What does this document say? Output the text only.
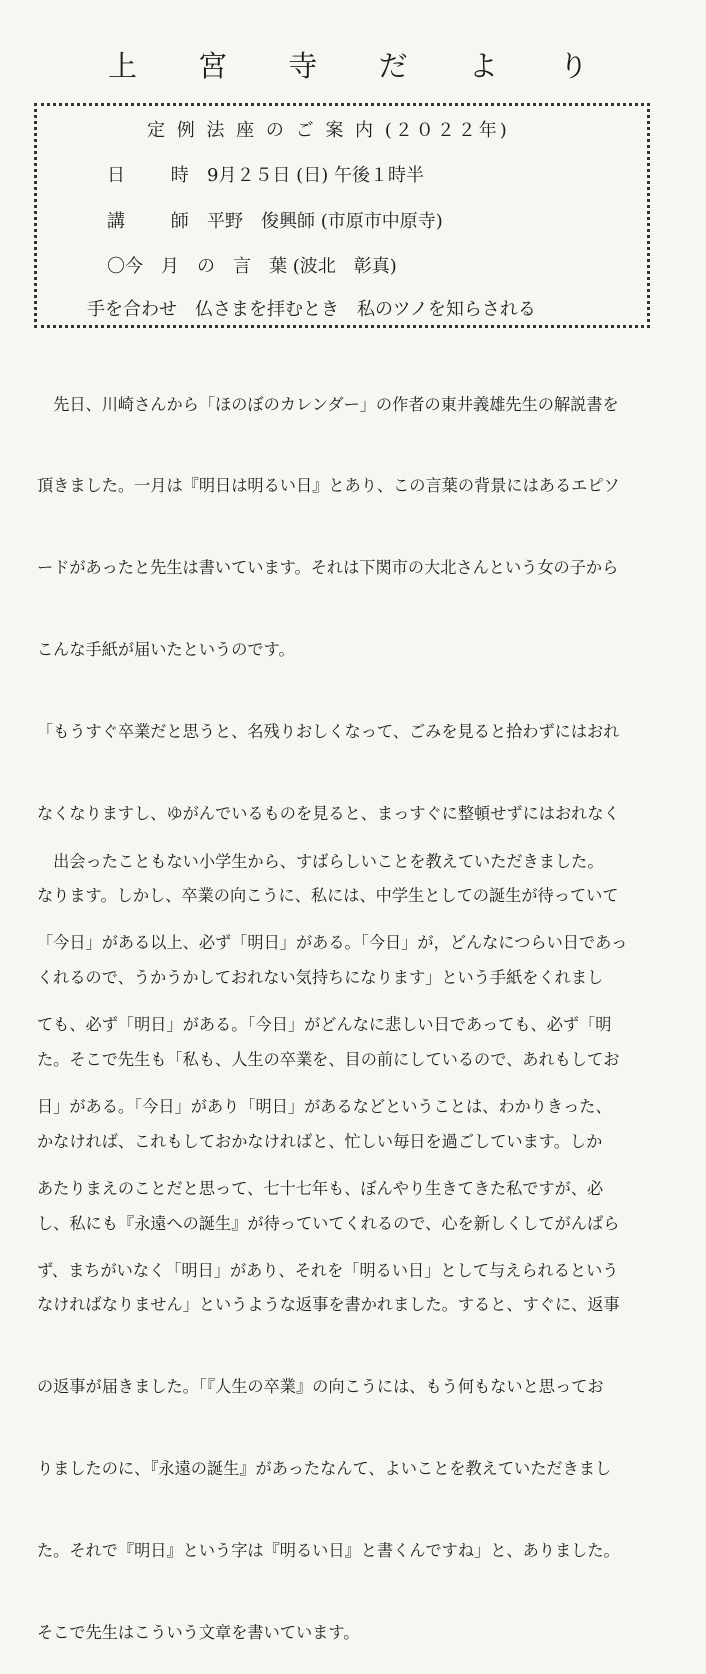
上 宮 寺 だ よ り
定 例 法 座 の ご 案 内 (２０２２年)
日 時9月２５日 (日) 午後１時半
講 師平野　俊興師 (市原市中原寺)
〇今　月　の　言　葉 (波北　彰真)
手を合わせ　仏さまを拝むとき　私のツノを知らされる

　先日、川崎さんから「ほのぼのカレンダー」の作者の東井義雄先生の解説書を

頂きました。一月は『明日は明るい日』とあり、この言葉の背景にはあるエピソ

ードがあったと先生は書いています。それは下関市の大北さんという女の子から

こんな手紙が届いたというのです。

「もうすぐ卒業だと思うと、名残りおしくなって、ごみを見ると拾わずにはおれ

なくなりますし、ゆがんでいるものを見ると、まっすぐに整頓せずにはおれなく

なります。しかし、卒業の向こうに、私には、中学生としての誕生が待っていて

くれるので、うかうかしておれない気持ちになります」という手紙をくれまし

た。そこで先生も「私も、人生の卒業を、目の前にしているので、あれもしてお

かなければ、これもしておかなければと、忙しい毎日を過ごしています。しか

し、私にも『永遠への誕生』が待っていてくれるので、心を新しくしてがんばら

なければなりません」というような返事を書かれました。すると、すぐに、返事

の返事が届きました。「『人生の卒業』の向こうには、もう何もないと思ってお

りましたのに、『永遠の誕生』があったなんて、よいことを教えていただきまし

た。それで『明日』という字は『明るい日』と書くんですね」と、ありました。

そこで先生はこういう文章を書いています。

　出会ったこともない小学生から、すばらしいことを教えていただきました。

「今日」がある以上、必ず「明日」がある。「今日」が，どんなにつらい日であっ

ても、必ず「明日」がある。「今日」がどんなに悲しい日であっても、必ず「明

日」がある。「今日」があり「明日」があるなどということは、わかりきった、

あたりまえのことだと思って、七十七年も、ぼんやり生きてきた私ですが、必

ず、まちがいなく「明日」があり、それを「明るい日」として与えられるという
